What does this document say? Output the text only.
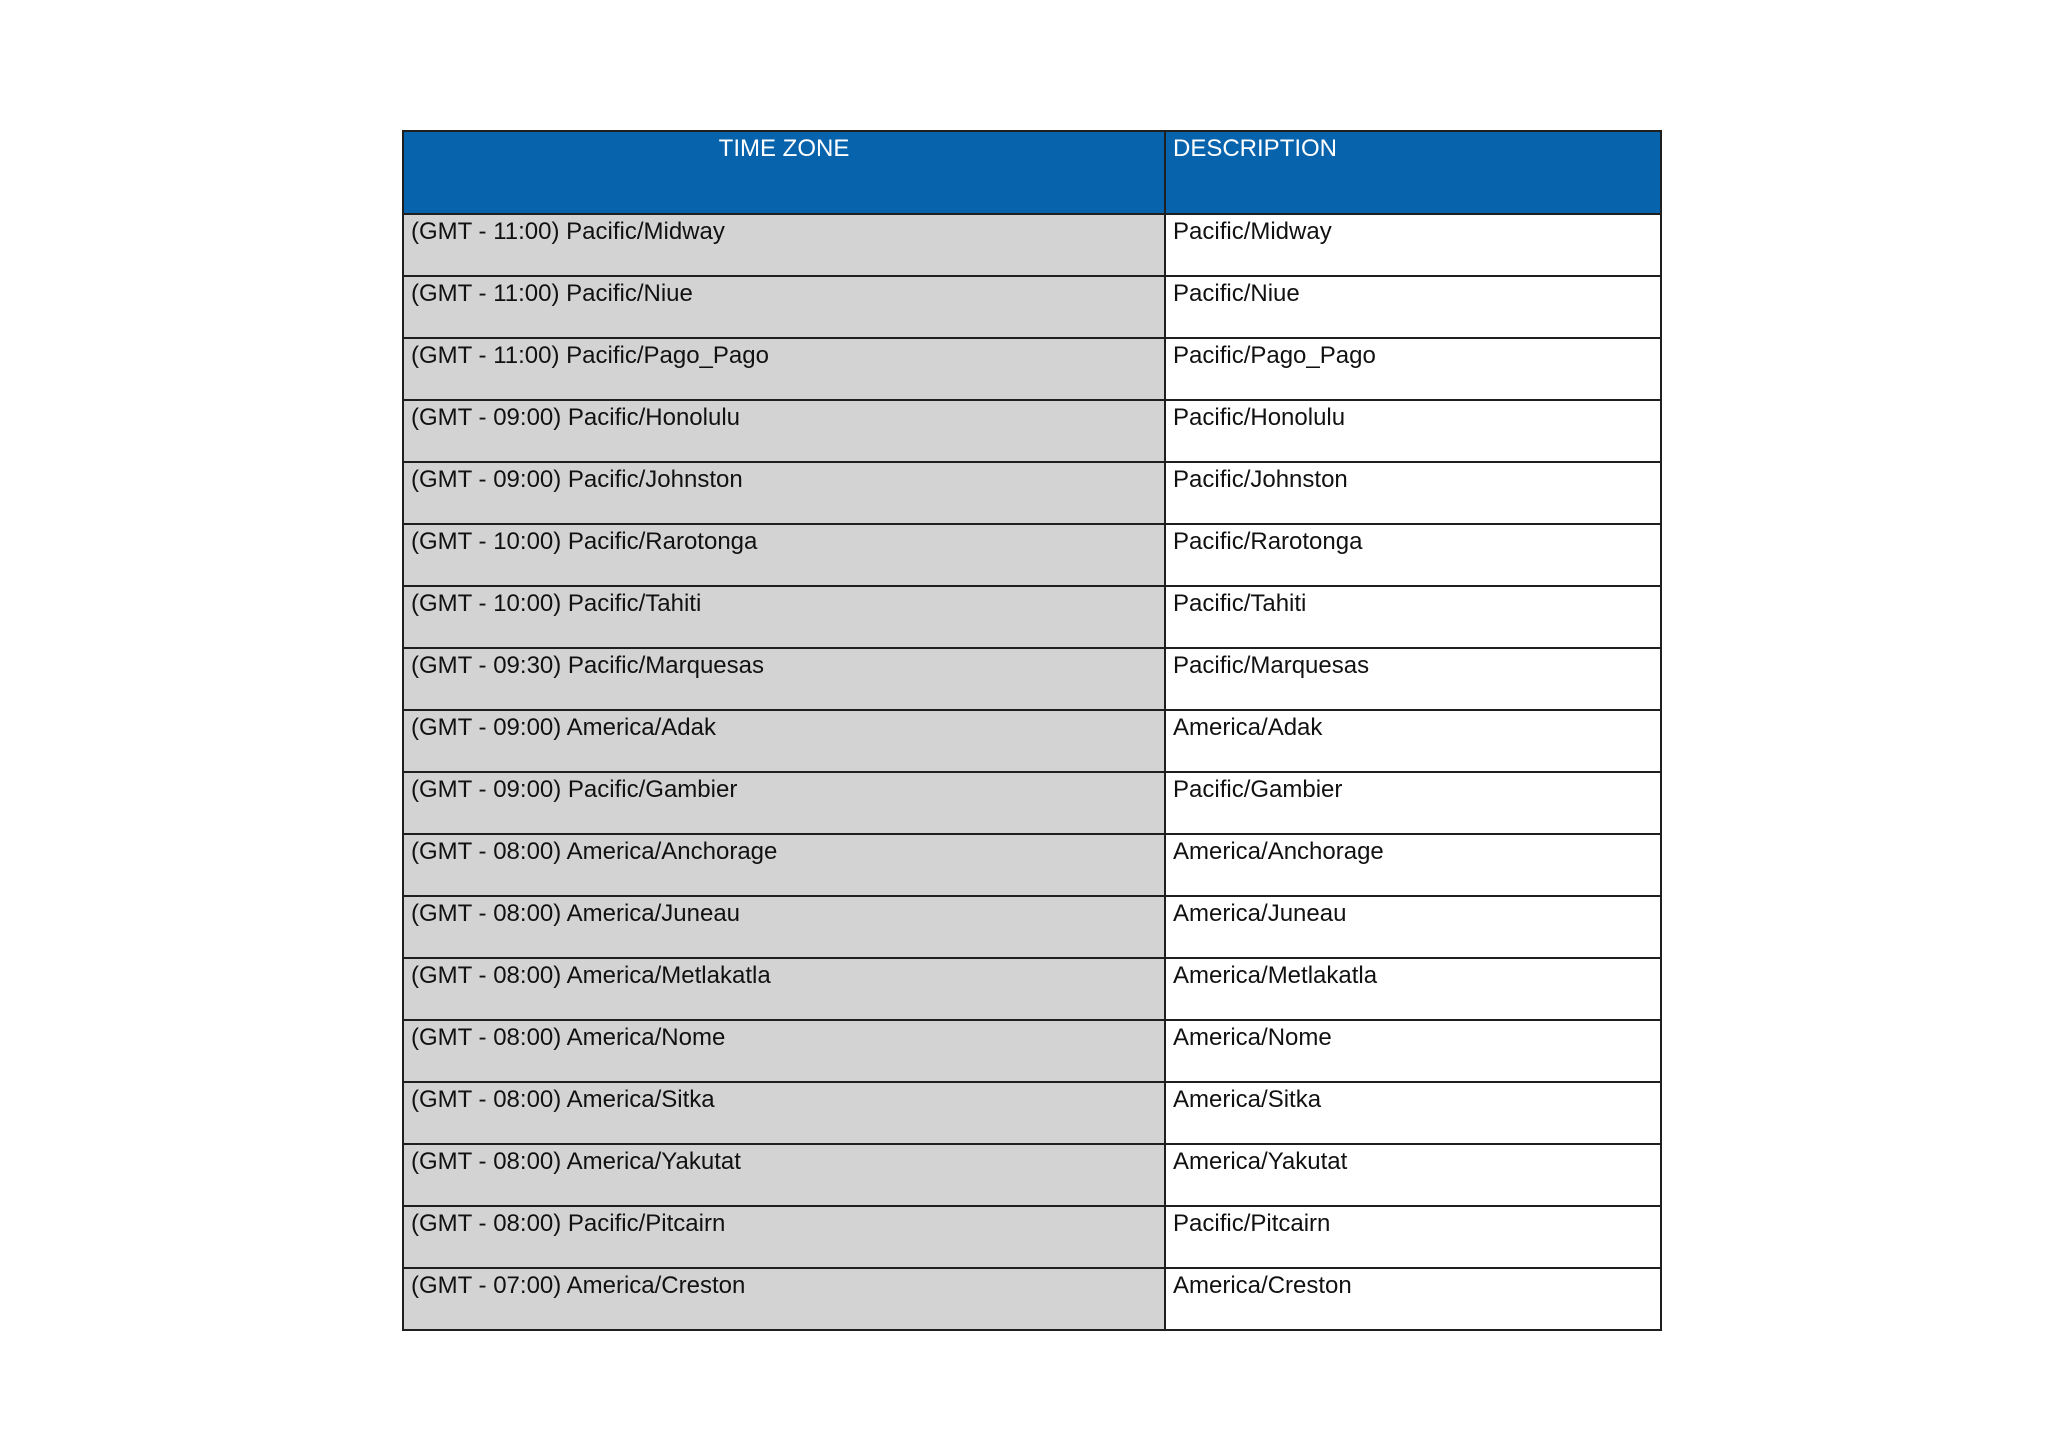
TIME ZONE	DESCRIPTION
(GMT - 11:00) Pacific/Midway	Pacific/Midway
(GMT - 11:00) Pacific/Niue	Pacific/Niue
(GMT - 11:00) Pacific/Pago_Pago	Pacific/Pago_Pago
(GMT - 09:00) Pacific/Honolulu	Pacific/Honolulu
(GMT - 09:00) Pacific/Johnston	Pacific/Johnston
(GMT - 10:00) Pacific/Rarotonga	Pacific/Rarotonga
(GMT - 10:00) Pacific/Tahiti	Pacific/Tahiti
(GMT - 09:30) Pacific/Marquesas	Pacific/Marquesas
(GMT - 09:00) America/Adak	America/Adak
(GMT - 09:00) Pacific/Gambier	Pacific/Gambier
(GMT - 08:00) America/Anchorage	America/Anchorage
(GMT - 08:00) America/Juneau	America/Juneau
(GMT - 08:00) America/Metlakatla	America/Metlakatla
(GMT - 08:00) America/Nome	America/Nome
(GMT - 08:00) America/Sitka	America/Sitka
(GMT - 08:00) America/Yakutat	America/Yakutat
(GMT - 08:00) Pacific/Pitcairn	Pacific/Pitcairn
(GMT - 07:00) America/Creston	America/Creston
